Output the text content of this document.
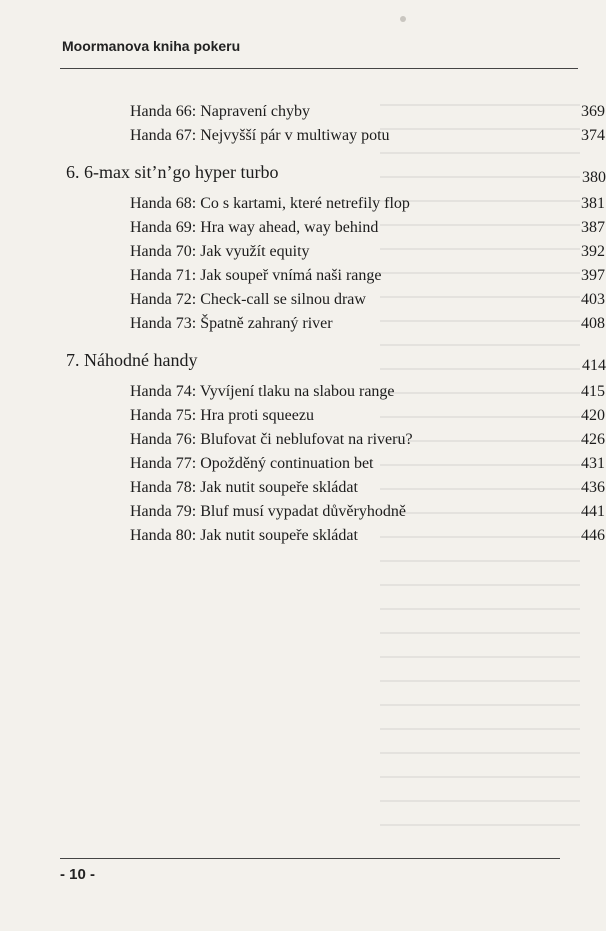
Moormanova kniha pokeru
Handa 66: Napravení chyby	369
Handa 67: Nejvyšší pár v multiway potu	374
6. 6-max sit’n’go hyper turbo	380
Handa 68: Co s kartami, které netrefily flop	381
Handa 69: Hra way ahead, way behind	387
Handa 70: Jak využít equity	392
Handa 71: Jak soupeř vnímá naši range	397
Handa 72: Check-call se silnou draw	403
Handa 73: Špatně zahraný river	408
7. Náhodné handy	414
Handa 74: Vyvíjení tlaku na slabou range	415
Handa 75: Hra proti squeezu	420
Handa 76: Blufovat či neblufovat na riveru?	426
Handa 77: Opožděný continuation bet	431
Handa 78: Jak nutit soupeře skládat	436
Handa 79: Bluf musí vypadat důvěryhodně	441
Handa 80: Jak nutit soupeře skládat	446
- 10 -
